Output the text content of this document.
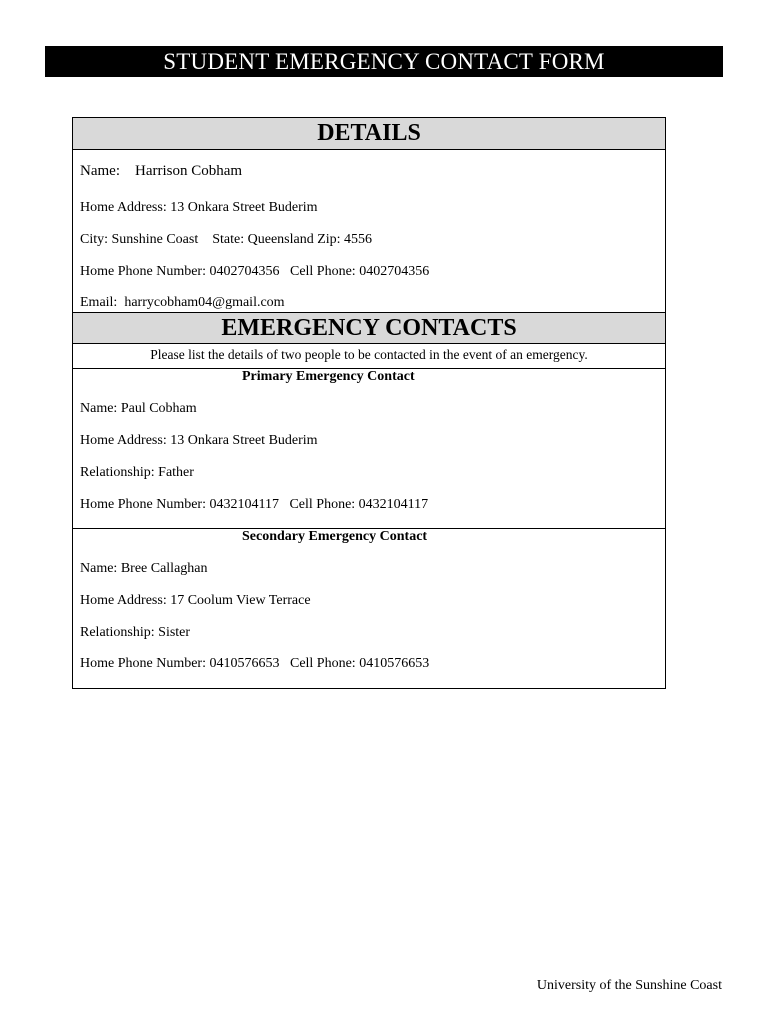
STUDENT EMERGENCY CONTACT FORM
DETAILS
Name: Harrison Cobham
Home Address: 13 Onkara Street Buderim
City: Sunshine Coast    State: Queensland Zip: 4556
Home Phone Number: 0402704356   Cell Phone: 0402704356
Email:  harrycobham04@gmail.com
EMERGENCY CONTACTS
Please list the details of two people to be contacted in the event of an emergency.
Primary Emergency Contact
Name: Paul Cobham
Home Address: 13 Onkara Street Buderim
Relationship: Father
Home Phone Number: 0432104117   Cell Phone: 0432104117
Secondary Emergency Contact
Name: Bree Callaghan
Home Address: 17 Coolum View Terrace
Relationship: Sister
Home Phone Number: 0410576653   Cell Phone: 0410576653
University of the Sunshine Coast
